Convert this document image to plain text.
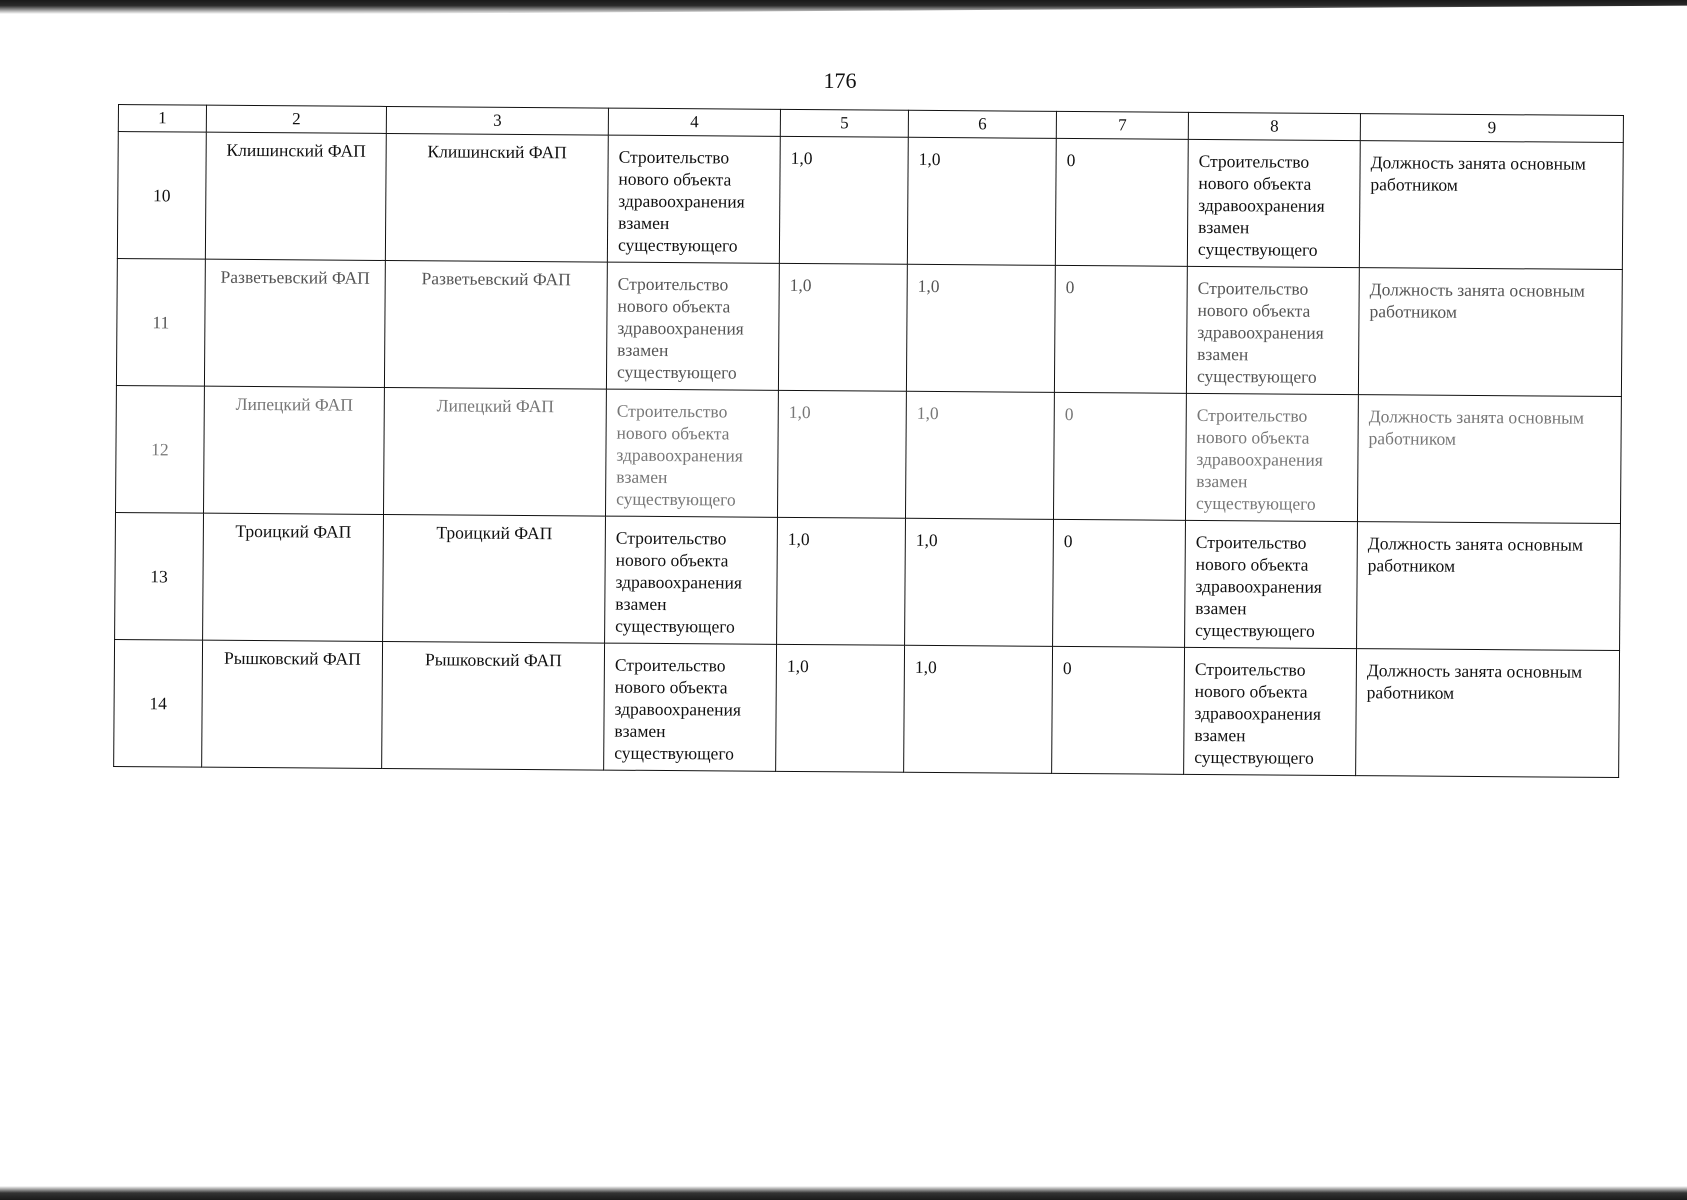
176
1	2	3	4	5	6	7	8	9
10	Клишинский ФАП	Клишинский ФАП	Строительство нового объекта здравоохранения взамен существующего	1,0	1,0	0	Строительство нового объекта здравоохранения взамен существующего	Должность занята основным работником
11	Разветьевский ФАП	Разветьевский ФАП	Строительство нового объекта здравоохранения взамен существующего	1,0	1,0	0	Строительство нового объекта здравоохранения взамен существующего	Должность занята основным работником
12	Липецкий ФАП	Липецкий ФАП	Строительство нового объекта здравоохранения взамен существующего	1,0	1,0	0	Строительство нового объекта здравоохранения взамен существующего	Должность занята основным работником
13	Троицкий ФАП	Троицкий ФАП	Строительство нового объекта здравоохранения взамен существующего	1,0	1,0	0	Строительство нового объекта здравоохранения взамен существующего	Должность занята основным работником
14	Рышковский ФАП	Рышковский ФАП	Строительство нового объекта здравоохранения взамен существующего	1,0	1,0	0	Строительство нового объекта здравоохранения взамен существующего	Должность занята основным работником
